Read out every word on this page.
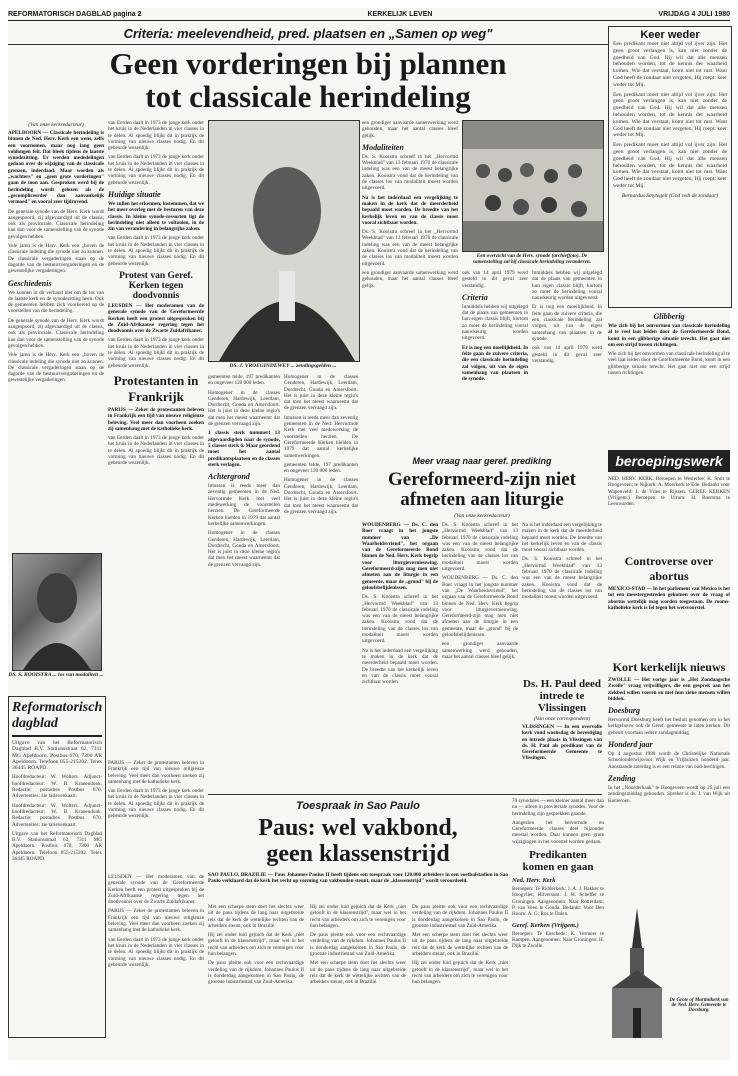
REFORMATORISCH DAGBLAD pagina 2	KERKELIJK LEVEN	VRIJDAG 4 JULI 1980
Criteria: meelevendheid, pred. plaatsen en „Samen op weg"
Geen vorderingen bij plannen
tot classicale herindeling
(Van onze kerkredacteur)

APELDOORN — Classicale herindeling is binnen de Ned. Herv. Kerk een wens, zelfs een voornemen, maar nog lang geen voldongen feit. Dat bleek tijdens de laatste synodezitting. Er werden mededelingen gedaan over de wijziging van de classicale grenzen, inderdaad. Maar worden als „wachters" en „geen grote vorderingen" gaan de toon aan. Gesproken werd bij de herindeling wordt gelezen als de „gecompliceerder dan aanvankelijk vermoed" en vooral zeer tijdrovend.

De generale synode van de Herv. Kerk wordt aangespoord, zij afgevaardigd uit de classis, ook als provinciale. Classicale herindeling kan dan voor de samenstelling van de synode gevolgen hebben.

Vele jaren is de Herv. Kerk een „boven de classicale indeling die synode niet zo kunnen. De classicale vergaderingen staan op de dagorde van de bestuursvergaderingen en de gewestelijke vergaderingen.

Geschiedenis

We kunnen in dit verband niet om de les van de laatste kerk en de synodezitting heen. Ook de gemeenten hebben zich voorbereid op de voorstellen van die herindeling.

De generale synode van de Herv. Kerk wordt aangespoord, zij afgevaardigd uit de classis, ook als provinciale. Classicale herindeling kan dan voor de samenstelling van de synode gevolgen hebben.

Vele jaren is de Herv. Kerk een „boven de classicale indeling die synode niet zo kunnen. De classicale vergaderingen staan op de dagorde van de bestuursvergaderingen en de gewestelijke vergaderingen.

DS. S. KOOISTRA ... los van modaliteit ...
Reformatorisch
dagblad

Uitgave van het Reformatorisch Dagblad B.V. Stationsstraat 62, 7311 MG Apeldoorn. Postbus 670, 7300 AR Apeldoorn. Telefoon 055-215202. Telex 36445 ROAPD.

Hoofdredacteur: W. Wolters. Adjunct-hoofdredacteur: W. B. Kranendonk. Redactie: postadres Postbus 670. Advertenties: zie tarievenkaart.

Hoofdredacteur: W. Wolters. Adjunct-hoofdredacteur: W. B. Kranendonk. Redactie: postadres Postbus 670. Advertenties: zie tarievenkaart.

Uitgave van het Reformatorisch Dagblad B.V. Stationsstraat 62, 7311 MG Apeldoorn. Postbus 670, 7300 AR Apeldoorn. Telefoon 055-215202. Telex 36445 ROAPD.

van Eerden daalt in 1973 de jonge kerk onder het kruis in de Nederlanden in vier classes in te delen. Al spoedig blijkt dit in praktijk de vorming van nieuwe classes nodig. En dit gebeurde wezenlijk.

van Eerden daalt in 1973 de jonge kerk onder het kruis in de Nederlanden in vier classes in te delen. Al spoedig blijkt dit in praktijk de vorming van nieuwe classes nodig. En dit gebeurde wezenlijk.

Huidige situatie

We zullen het erkennen, instemmen, dat we het meer overleg met de besturen van deze classis. In kleine synode-ressorten ligt de herindeling niet alleen te voltooien, in de zin van verandering in belangrijke zaken.

van Eerden daalt in 1973 de jonge kerk onder het kruis in de Nederlanden in vier classes in te delen. Al spoedig blijkt dit in praktijk de vorming van nieuwe classes nodig. En dit gebeurde wezenlijk.

Protest van Geref. Kerken tegen doodvonnis

LEUSDEN — Het moderamen van de generale synode van de Gereformeerde Kerken heeft een protest uitgesproken bij de Zuid-Afrikaanse regering tegen het doodvonnis over de Zwarte Zuidafrikaner.

van Eerden daalt in 1973 de jonge kerk onder het kruis in de Nederlanden in vier classes in te delen. Al spoedig blijkt dit in praktijk de vorming van nieuwe classes nodig. En dit gebeurde wezenlijk.

Protestanten in Frankrijk

PARIJS — Zeker de protestanten beleven in Frankrijk een tijd van nieuwe religieuze beleving. Veel meer dan voorheen zoeken zij samenhang met de katholieke kerk.

van Eerden daalt in 1973 de jonge kerk onder het kruis in de Nederlanden in vier classes in te delen. Al spoedig blijkt dit in praktijk de vorming van nieuwe classes nodig. En dit gebeurde wezenlijk.

PARIJS — Zeker de protestanten beleven in Frankrijk een tijd van nieuwe religieuze beleving. Veel meer dan voorheen zoeken zij samenhang met de katholieke kerk.

van Eerden daalt in 1973 de jonge kerk onder het kruis in de Nederlanden in vier classes in te delen. Al spoedig blijkt dit in praktijk de vorming van nieuwe classes nodig. En dit gebeurde wezenlijk.

DS. J. VROEGINDEWEY ... zendingsgelden ...

gemeenten telde, 197 predikanten en ongeveer 120 000 leden.

Homogener in de classes Genderen, Hardewijk, Leerdam, Dordrecht, Gouda en Amersfoort. Het is juist in deze kleine regio's dat men het meest waarneemt dat de grenzen vervaagd zijn.

1 classis sterk nummert 13 afgevaardigden naar de synode, 5 classes sterk 6. Maar geordend moet het aantal predikantsplaatsen en de classes sterk verlagen.

Achtergrond

Intussen is reeds meer dan zeventig gemeenten in de Ned. Hervormde Kerk met veel medewerking de voorstellen herzien. De Gereformeerde Kerken hielden in 1979 dat aantal kerkelijke samenwerkingen.

Homogener in de classes Genderen, Hardewijk, Leerdam, Dordrecht, Gouda en Amersfoort. Het is juist in deze kleine regio's dat men het meest waarneemt dat de grenzen vervaagd zijn.

Homogener in de classes Genderen, Hardewijk, Leerdam, Dordrecht, Gouda en Amersfoort. Het is juist in deze kleine regio's dat men het meest waarneemt dat de grenzen vervaagd zijn.

Intussen is reeds meer dan zeventig gemeenten in de Ned. Hervormde Kerk met veel medewerking de voorstellen herzien. De Gereformeerde Kerken hielden in 1979 dat aantal kerkelijke samenwerkingen.

gemeenten telde, 197 predikanten en ongeveer 120 000 leden.

Homogener in de classes Genderen, Hardewijk, Leerdam, Dordrecht, Gouda en Amersfoort. Het is juist in deze kleine regio's dat men het meest waarneemt dat de grenzen vervaagd zijn.

een grondiger aanvaarde samenwerking werd gehouden, maar het aantal classes bleef gelijk.

Modaliteiten

Ds. S. Kooistra schreef in het „Hervormd Weekblad" van 13 februari 1970 de classicale indeling was een van de meest belangrijke zaken. Kooistra vond dat de herindeling van de classes los van modaliteit moest worden uitgevoerd.

Na is het inderdaad een vergelijking te maken in de kerk dat de meerderheid bepaald moet worden. De breedte van het kerkelijk leven en van de classis moet vooral zichtbaar worden.

Ds. S. Kooistra schreef in het „Hervormd Weekblad" van 13 februari 1970 de classicale indeling was een van de meest belangrijke zaken. Kooistra vond dat de herindeling van de classes los van modaliteit moest worden uitgevoerd.

een grondiger aanvaarde samenwerking werd gehouden, maar het aantal classes bleef gelijk.

Meer vraag naar geref. prediking
Gereformeerd-zijn niet
afmeten aan liturgie
(Van onze kerkredacteur)

WOUDENBERG — Ds. C. den Boer vraagt in het jongste nummer van „De Waarheidsvriend", het orgaan van de Gereformeerde Bond binnen de Ned. Herv. Kerk begrip voor liturgievernieuwing. Gereformeerd-zijn mag men niet afmeten aan de liturgie in een gemeente, maar de „grond" bij de geloofsbelijdenissen.

Ds. S. Kooistra schreef in het „Hervormd Weekblad" van 13 februari 1970 de classicale indeling was een van de meest belangrijke zaken. Kooistra vond dat de herindeling van de classes los van modaliteit moest worden uitgevoerd.

Na is het inderdaad een vergelijking te maken in de kerk dat de meerderheid bepaald moet worden. De breedte van het kerkelijk leven en van de classis moet vooral zichtbaar worden.

Ds. S. Kooistra schreef in het „Hervormd Weekblad" van 13 februari 1970 de classicale indeling was een van de meest belangrijke zaken. Kooistra vond dat de herindeling van de classes los van modaliteit moest worden uitgevoerd.

WOUDENBERG — Ds. C. den Boer vraagt in het jongste nummer van „De Waarheidsvriend", het orgaan van de Gereformeerde Bond binnen de Ned. Herv. Kerk begrip voor liturgievernieuwing. Gereformeerd-zijn mag men niet afmeten aan de liturgie in een gemeente, maar de „grond" bij de geloofsbelijdenissen.

een grondiger aanvaarde samenwerking werd gehouden, maar het aantal classes bleef gelijk.

Na is het inderdaad een vergelijking te maken in de kerk dat de meerderheid bepaald moet worden. De breedte van het kerkelijk leven en van de classis moet vooral zichtbaar worden.

Ds. S. Kooistra schreef in het „Hervormd Weekblad" van 13 februari 1970 de classicale indeling was een van de meest belangrijke zaken. Kooistra vond dat de herindeling van de classes los van modaliteit moest worden uitgevoerd.

Een overzicht van de Herv. synode (archieffoto). De samenstelling zal bij classicale herindeling veranderen.

ook van 14 april 1979 werd gesteld in dit geval zeer verstandig.

Criteria

Inmiddels hebben wij uitgelegd dat de plaats van gemeenten in hun eigen classis blijft, kortom zo moet de herindeling vooral nauwkeurig worden uitgevoerd.

Er is nog een moeilijkheid. In feite gaan de zuivere criteria, die een classicale herindeling zal volgen, uit van de eigen samenhang van plaatsen in de synode.

Inmiddels hebben wij uitgelegd dat de plaats van gemeenten in hun eigen classis blijft, kortom zo moet de herindeling vooral nauwkeurig worden uitgevoerd.

Er is nog een moeilijkheid. In feite gaan de zuivere criteria, die een classicale herindeling zal volgen, uit van de eigen samenhang van plaatsen in de synode.

ook van 14 april 1979 werd gesteld in dit geval zeer verstandig.

Ds. H. Paul deed intrede te Vlissingen
(Van onze correspondent)

VLISSINGEN — In een overvolle kerk vond woensdag de bevestiging en intrede plaats in Vlissingen van ds. H. Paul als predikant van de Gereformeerde Gemeente te Vlissingen.

Keer weder

Een predikant moet niet altijd vol ijver zijn. Het geen groot verlangen is, kan niet zonder de goedheid van God. Hij wil dat alle mensen behouden worden, tot de kennis der waarheid komen. Wie dat verstaat, komt niet tot rust. Want God heeft de zondaar niet vergeten, Hij roept: keer weder tot Mij.

Een predikant moet niet altijd vol ijver zijn. Het geen groot verlangen is, kan niet zonder de goedheid van God. Hij wil dat alle mensen behouden worden, tot de kennis der waarheid komen. Wie dat verstaat, komt niet tot rust. Want God heeft de zondaar niet vergeten, Hij roept: keer weder tot Mij.

Een predikant moet niet altijd vol ijver zijn. Het geen groot verlangen is, kan niet zonder de goedheid van God. Hij wil dat alle mensen behouden worden, tot de kennis der waarheid komen. Wie dat verstaat, komt niet tot rust. Want God heeft de zondaar niet vergeten, Hij roept: keer weder tot Mij.

Bernardus Smytegelt (God redt de zondaar)
Glibberig

Wie zich bij het omvormen van classicale herindeling al te veel laat leiden door de Gereformeerde Bond, komt in een glibberige situatie terecht. Het gaat niet om een strijd tussen richtingen.

Wie zich bij het omvormen van classicale herindeling al te veel laat leiden door de Gereformeerde Bond, komt in een glibberige situatie terecht. Het gaat niet om een strijd tussen richtingen.

beroepingswerk

NED. HERV. KERK. Beroepen te Westerlee: K. Smit te Hoogeveen; te Nijkerk: A. Moerkerk te Ede. Bedankt voor Wapenveld: J. de Vries te Rijssen. GEREF. KERKEN (Vrijgem.) Beroepen te Ulrum: H. Boersma te Leeuwarden.

Controverse over abortus

MEXICO-STAD — In het parlement van Mexico is het tot een meestergestreden gekomen over de vraag of abortus wettelijk mag worden toegestaan. De rooms-katholieke kerk is fel tegen het wetsvoorstel.

Kort kerkelijk nieuws

ZWOLLE — Het vorige jaar is „Het Zondaagsche Zwolle" vraag vrijwilligers, die een gesprek aan het ziekbed willen voeren en met hun zieke mensen willen bidden.

Doesburg

Hervormd Doesburg heeft het besluit genomen om in het kerkgebouw ook de Geref. gemeente te laten kerken. Dit gebeurt voortaan iedere zondagmiddag.

Honderd jaar

Op 4 augustus 1980 wordt de Christelijke Nationale Schoolonderwijsvoor Wijk en Vrijhuizen honderd jaar. Aanstaande zaterdag is er een reünie van oud-leerlingen.

Zending

In het „Noorderhaak" te Hoogeveen wordt op 25 juli een zendingsmiddag gehouden. Spreker is ds. J. van Wijk uit Kameroen.

De Grote of Martinikerk van de Ned. Herv. Gemeente te Doesburg.
Toespraak in Sao Paulo
Paus: wel vakbond,
geen klassenstrijd

SAO PAULO, BRAZILIE — Paus Johannes Paulus II heeft tijdens een toespraak voor 120.000 arbeiders in een voetbalstadion in Sao Paulo verklaard dat de kerk het recht op vorming van vakbonden steunt, maar de „klassenstrijd" wordt veroordeeld.

Met een scherpe stem doet het slechts weer uit de paus tijdens de lang naar uitgebreide reis dat de kerk de wettelijke rechten van de arbeiders steunt, ook in Brazilië.

Hij zei onder luid gejuich dat de Kerk „niet gelooft in de klassenstrijd", maar wel in het recht van arbeiders om zich te verenigen voor hun belangen.

De paus pleitte ook voor een rechtvaardige verdeling van de rijkdom. Johannes Paulus II is donderdag aangekomen in Sao Paulo, de grootste industriestad van Zuid-Amerika.

Hij zei onder luid gejuich dat de Kerk „niet gelooft in de klassenstrijd", maar wel in het recht van arbeiders om zich te verenigen voor hun belangen.

De paus pleitte ook voor een rechtvaardige verdeling van de rijkdom. Johannes Paulus II is donderdag aangekomen in Sao Paulo, de grootste industriestad van Zuid-Amerika.

Met een scherpe stem doet het slechts weer uit de paus tijdens de lang naar uitgebreide reis dat de kerk de wettelijke rechten van de arbeiders steunt, ook in Brazilië.

De paus pleitte ook voor een rechtvaardige verdeling van de rijkdom. Johannes Paulus II is donderdag aangekomen in Sao Paulo, de grootste industriestad van Zuid-Amerika.

Met een scherpe stem doet het slechts weer uit de paus tijdens de lang naar uitgebreide reis dat de kerk de wettelijke rechten van de arbeiders steunt, ook in Brazilië.

Hij zei onder luid gejuich dat de Kerk „niet gelooft in de klassenstrijd", maar wel in het recht van arbeiders om zich te verenigen voor hun belangen.

70 synodales — een kleiner aantal meer dan nu — alleen in provinciale synodes. Voor de herindeling zijn gesprekken gaande.

Aangezien het hervormde en Gereformeerde classes deel bijzonder meestal worden. Daar kunnen geen grote wijzigingen in het voorstel worden gedaan.

Predikanten komen en gaan
Ned. Herv. Kerk

Beroepen: Te Ridderkerk: J. A. J. Bakker te Hoogvliet; Hilversum: J. H. Scheffer te Groningen. Aangenomen: Naar Rotterdam: P. van Veen te Gouda. Bedankt: Voor Den Hoorn: A. G. Ros te Dalen.

Geref. Kerken (Vrijgem.)

Beroepen: Te Enschede: K. Vermeer te Kampen. Aangenomen: Naar Groningen: H. Dijk te Zwolle.

LEUSDEN — Het moderamen van de generale synode van de Gereformeerde Kerken heeft een protest uitgesproken bij de Zuid-Afrikaanse regering tegen het doodvonnis over de Zwarte Zuidafrikaner.

PARIJS — Zeker de protestanten beleven in Frankrijk een tijd van nieuwe religieuze beleving. Veel meer dan voorheen zoeken zij samenhang met de katholieke kerk.

van Eerden daalt in 1973 de jonge kerk onder het kruis in de Nederlanden in vier classes in te delen. Al spoedig blijkt dit in praktijk de vorming van nieuwe classes nodig. En dit gebeurde wezenlijk.
